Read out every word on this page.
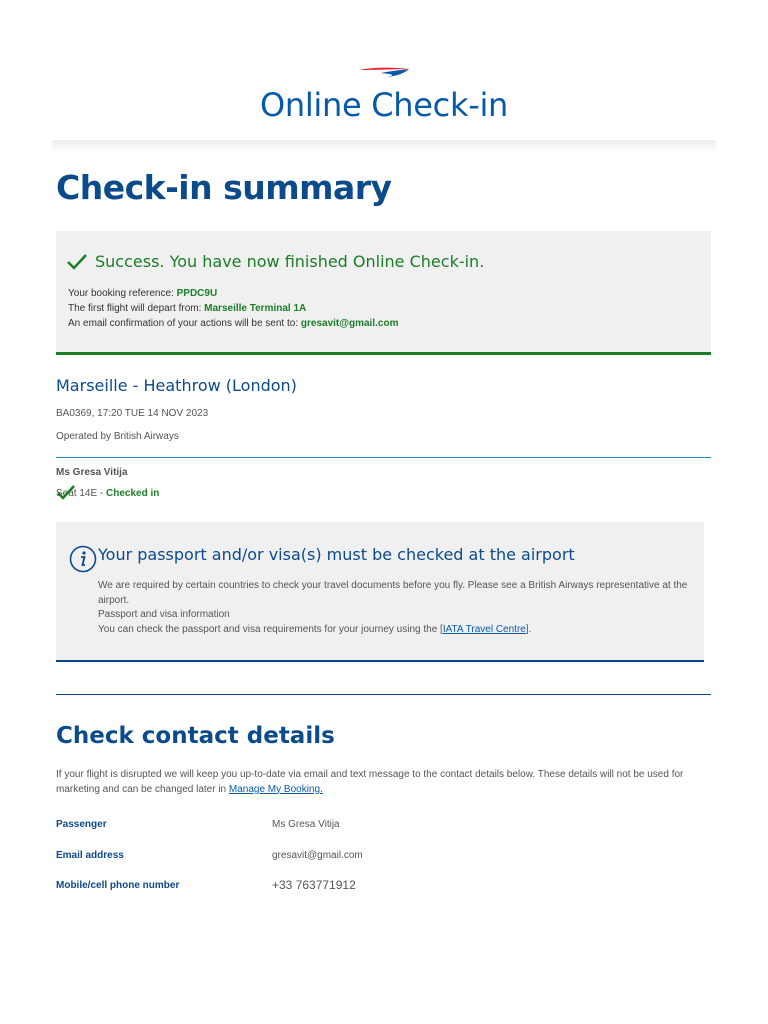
Online Check-in
Check-in summary
Success. You have now finished Online Check-in.
Your booking reference: PPDC9U
The first flight will depart from: Marseille Terminal 1A
An email confirmation of your actions will be sent to: gresavit@gmail.com
Marseille - Heathrow (London)
BA0369, 17:20 TUE 14 NOV 2023
Operated by British Airways
Ms Gresa Vitija
Seat 14E - Checked in
Your passport and/or visa(s) must be checked at the airport
We are required by certain countries to check your travel documents before you fly. Please see a British Airways representative at the airport.
Passport and visa information
You can check the passport and visa requirements for your journey using the [IATA Travel Centre].
Check contact details
If your flight is disrupted we will keep you up-to-date via email and text message to the contact details below. These details will not be used for marketing and can be changed later in Manage My Booking.
Passenger	Ms Gresa Vitija
Email address	gresavit@gmail.com
Mobile/cell phone number	+33 763771912
